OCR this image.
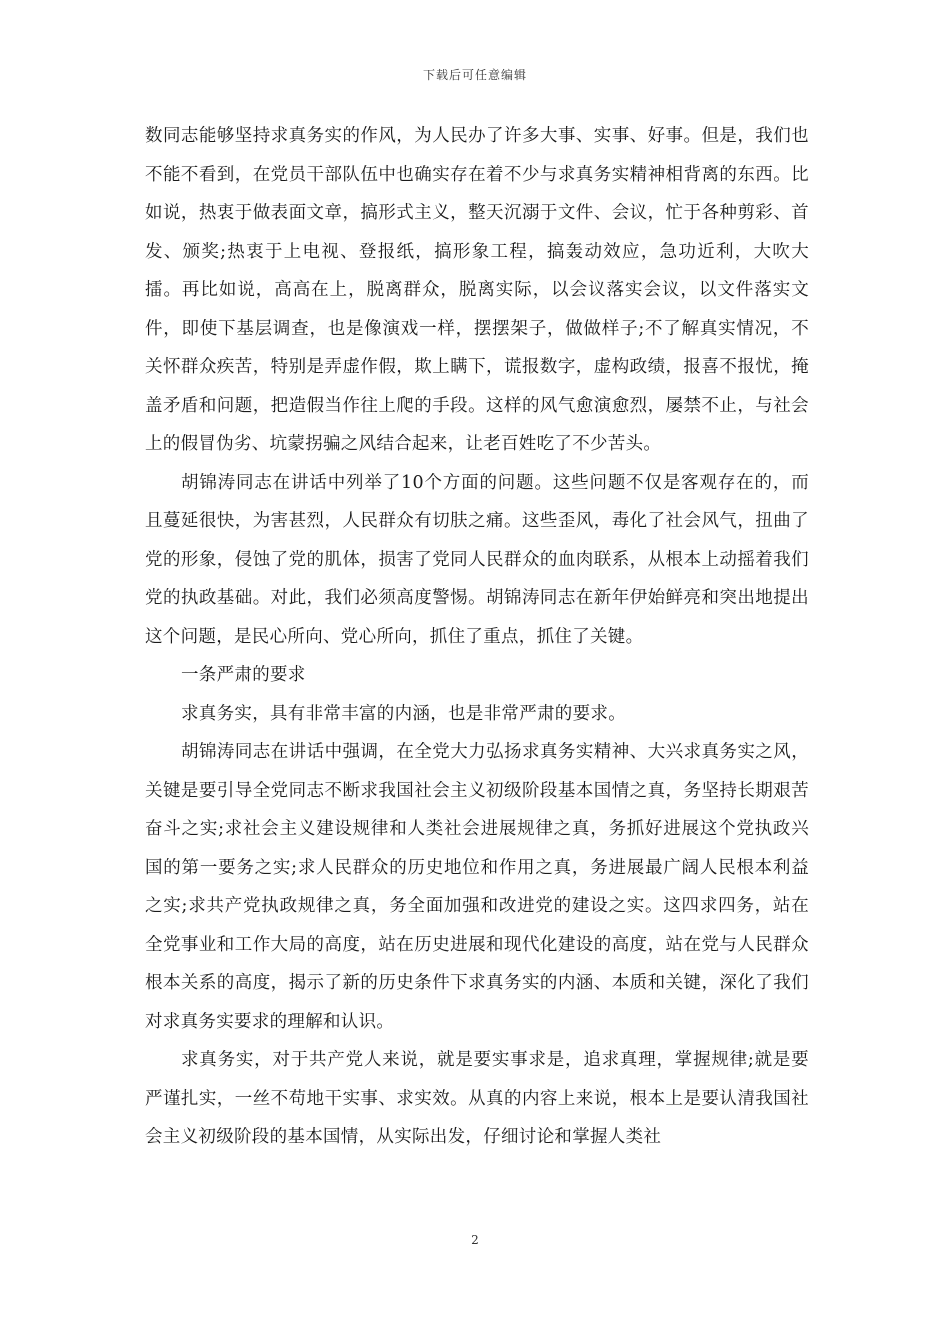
下载后可任意编辑

数同志能够坚持求真务实的作风，为人民办了许多大事、实事、好事。但是，我们也不能不看到，在党员干部队伍中也确实存在着不少与求真务实精神相背离的东西。比如说，热衷于做表面文章，搞形式主义，整天沉溺于文件、会议，忙于各种剪彩、首发、颁奖;热衷于上电视、登报纸，搞形象工程，搞轰动效应，急功近利，大吹大擂。再比如说，高高在上，脱离群众，脱离实际，以会议落实会议，以文件落实文件，即使下基层调查，也是像演戏一样，摆摆架子，做做样子;不了解真实情况，不关怀群众疾苦，特别是弄虚作假，欺上瞒下，谎报数字，虚构政绩，报喜不报忧，掩盖矛盾和问题，把造假当作往上爬的手段。这样的风气愈演愈烈，屡禁不止，与社会上的假冒伪劣、坑蒙拐骗之风结合起来，让老百姓吃了不少苦头。

胡锦涛同志在讲话中列举了10个方面的问题。这些问题不仅是客观存在的，而且蔓延很快，为害甚烈，人民群众有切肤之痛。这些歪风，毒化了社会风气，扭曲了党的形象，侵蚀了党的肌体，损害了党同人民群众的血肉联系，从根本上动摇着我们党的执政基础。对此，我们必须高度警惕。胡锦涛同志在新年伊始鲜亮和突出地提出这个问题，是民心所向、党心所向，抓住了重点，抓住了关键。

一条严肃的要求

求真务实，具有非常丰富的内涵，也是非常严肃的要求。

胡锦涛同志在讲话中强调，在全党大力弘扬求真务实精神、大兴求真务实之风，关键是要引导全党同志不断求我国社会主义初级阶段基本国情之真，务坚持长期艰苦奋斗之实;求社会主义建设规律和人类社会进展规律之真，务抓好进展这个党执政兴国的第一要务之实;求人民群众的历史地位和作用之真，务进展最广阔人民根本利益之实;求共产党执政规律之真，务全面加强和改进党的建设之实。这四求四务，站在全党事业和工作大局的高度，站在历史进展和现代化建设的高度，站在党与人民群众根本关系的高度，揭示了新的历史条件下求真务实的内涵、本质和关键，深化了我们对求真务实要求的理解和认识。

求真务实，对于共产党人来说，就是要实事求是，追求真理，掌握规律;就是要严谨扎实，一丝不苟地干实事、求实效。从真的内容上来说，根本上是要认清我国社会主义初级阶段的基本国情，从实际出发，仔细讨论和掌握人类社

2
